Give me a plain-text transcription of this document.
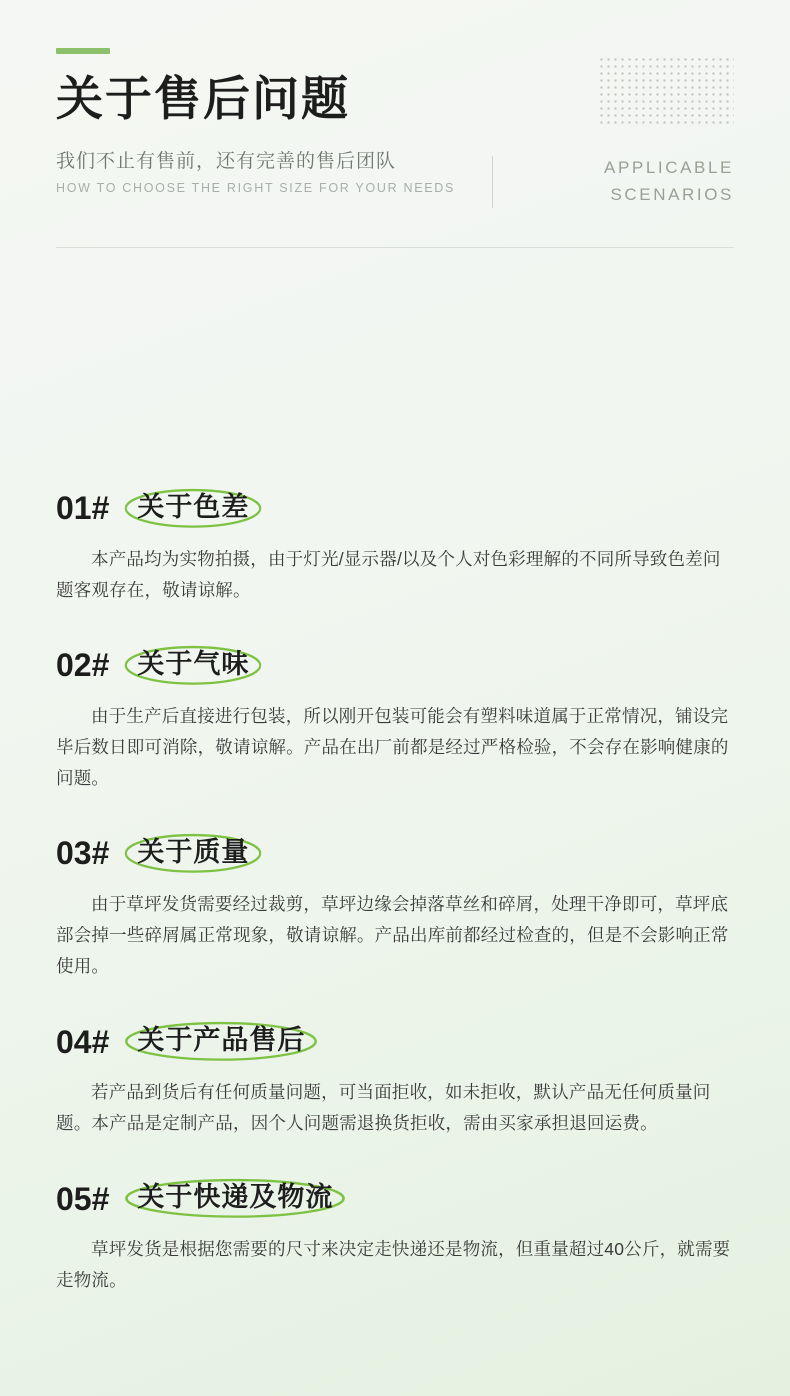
关于售后问题
我们不止有售前，还有完善的售后团队
HOW TO CHOOSE THE RIGHT SIZE FOR YOUR NEEDS
APPLICABLE
SCENARIOS
01# 关于色差
本产品均为实物拍摄，由于灯光/显示器/以及个人对色彩理解的不同所导致色差问题客观存在，敬请谅解。
02# 关于气味
由于生产后直接进行包装，所以刚开包装可能会有塑料味道属于正常情况，铺设完毕后数日即可消除，敬请谅解。产品在出厂前都是经过严格检验，不会存在影响健康的问题。
03# 关于质量
由于草坪发货需要经过裁剪，草坪边缘会掉落草丝和碎屑，处理干净即可，草坪底部会掉一些碎屑属正常现象，敬请谅解。产品出库前都经过检查的，但是不会影响正常使用。
04# 关于产品售后
若产品到货后有任何质量问题，可当面拒收，如未拒收，默认产品无任何质量问题。本产品是定制产品，因个人问题需退换货拒收，需由买家承担退回运费。
05# 关于快递及物流
草坪发货是根据您需要的尺寸来决定走快递还是物流，但重量超过40公斤，就需要走物流。
